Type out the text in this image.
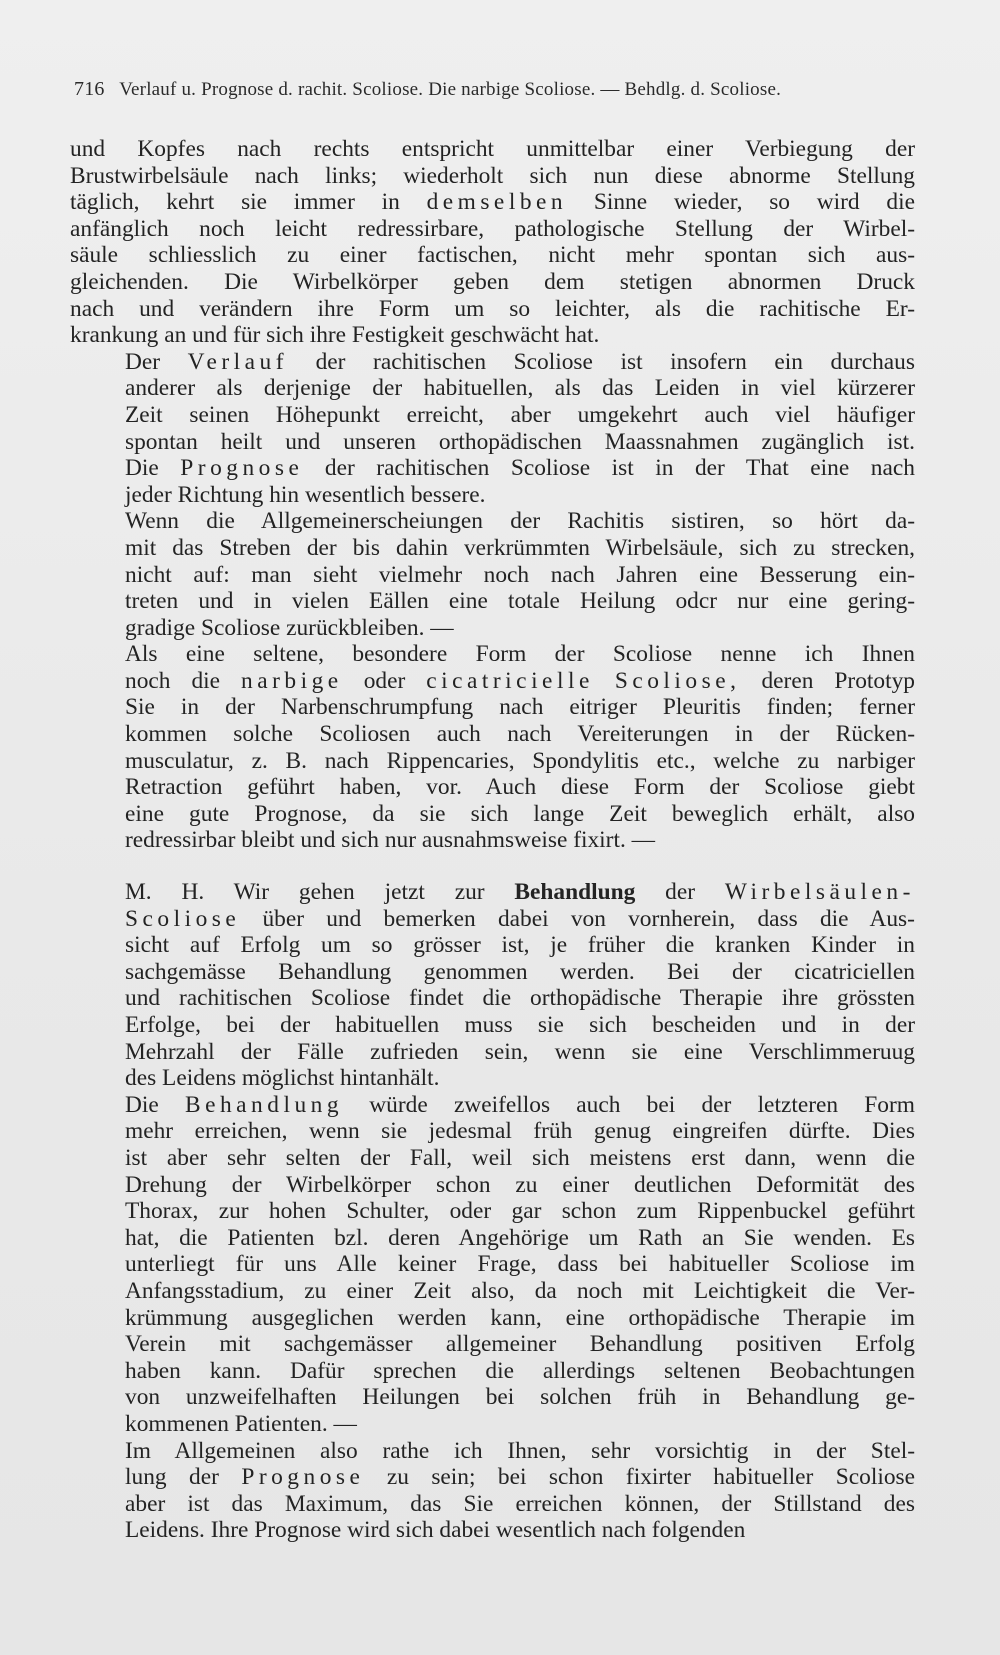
716 Verlauf u. Prognose d. rachit. Scoliose. Die narbige Scoliose. — Behdlg. d. Scoliose.

und Kopfes nach rechts entspricht unmittelbar einer Verbiegung der
Brustwirbelsäule nach links; wiederholt sich nun diese abnorme Stellung
täglich, kehrt sie immer in demselben Sinne wieder, so wird die
anfänglich noch leicht redressirbare, pathologische Stellung der Wirbel-
säule schliesslich zu einer factischen, nicht mehr spontan sich aus-
gleichenden. Die Wirbelkörper geben dem stetigen abnormen Druck
nach und verändern ihre Form um so leichter, als die rachitische Er-
krankung an und für sich ihre Festigkeit geschwächt hat.

Der Verlauf der rachitischen Scoliose ist insofern ein durchaus
anderer als derjenige der habituellen, als das Leiden in viel kürzerer
Zeit seinen Höhepunkt erreicht, aber umgekehrt auch viel häufiger
spontan heilt und unseren orthopädischen Maassnahmen zugänglich ist.
Die Prognose der rachitischen Scoliose ist in der That eine nach
jeder Richtung hin wesentlich bessere.

Wenn die Allgemeinerscheiungen der Rachitis sistiren, so hört da-
mit das Streben der bis dahin verkrümmten Wirbelsäule, sich zu strecken,
nicht auf: man sieht vielmehr noch nach Jahren eine Besserung ein-
treten und in vielen Eällen eine totale Heilung odcr nur eine gering-
gradige Scoliose zurückbleiben. —

Als eine seltene, besondere Form der Scoliose nenne ich Ihnen
noch die narbige oder cicatricielle Scoliose, deren Prototyp
Sie in der Narbenschrumpfung nach eitriger Pleuritis finden; ferner
kommen solche Scoliosen auch nach Vereiterungen in der Rücken-
musculatur, z. B. nach Rippencaries, Spondylitis etc., welche zu narbiger
Retraction geführt haben, vor. Auch diese Form der Scoliose giebt
eine gute Prognose, da sie sich lange Zeit beweglich erhält, also
redressirbar bleibt und sich nur ausnahmsweise fixirt. —

M. H. Wir gehen jetzt zur Behandlung der Wirbelsäulen-
Scoliose über und bemerken dabei von vornherein, dass die Aus-
sicht auf Erfolg um so grösser ist, je früher die kranken Kinder in
sachgemässe Behandlung genommen werden. Bei der cicatriciellen
und rachitischen Scoliose findet die orthopädische Therapie ihre grössten
Erfolge, bei der habituellen muss sie sich bescheiden und in der
Mehrzahl der Fälle zufrieden sein, wenn sie eine Verschlimmeruug
des Leidens möglichst hintanhält.

Die Behandlung würde zweifellos auch bei der letzteren Form
mehr erreichen, wenn sie jedesmal früh genug eingreifen dürfte. Dies
ist aber sehr selten der Fall, weil sich meistens erst dann, wenn die
Drehung der Wirbelkörper schon zu einer deutlichen Deformität des
Thorax, zur hohen Schulter, oder gar schon zum Rippenbuckel geführt
hat, die Patienten bzl. deren Angehörige um Rath an Sie wenden. Es
unterliegt für uns Alle keiner Frage, dass bei habitueller Scoliose im
Anfangsstadium, zu einer Zeit also, da noch mit Leichtigkeit die Ver-
krümmung ausgeglichen werden kann, eine orthopädische Therapie im
Verein mit sachgemässer allgemeiner Behandlung positiven Erfolg
haben kann. Dafür sprechen die allerdings seltenen Beobachtungen
von unzweifelhaften Heilungen bei solchen früh in Behandlung ge-
kommenen Patienten. —

Im Allgemeinen also rathe ich Ihnen, sehr vorsichtig in der Stel-
lung der Prognose zu sein; bei schon fixirter habitueller Scoliose
aber ist das Maximum, das Sie erreichen können, der Stillstand des
Leidens. Ihre Prognose wird sich dabei wesentlich nach folgenden
